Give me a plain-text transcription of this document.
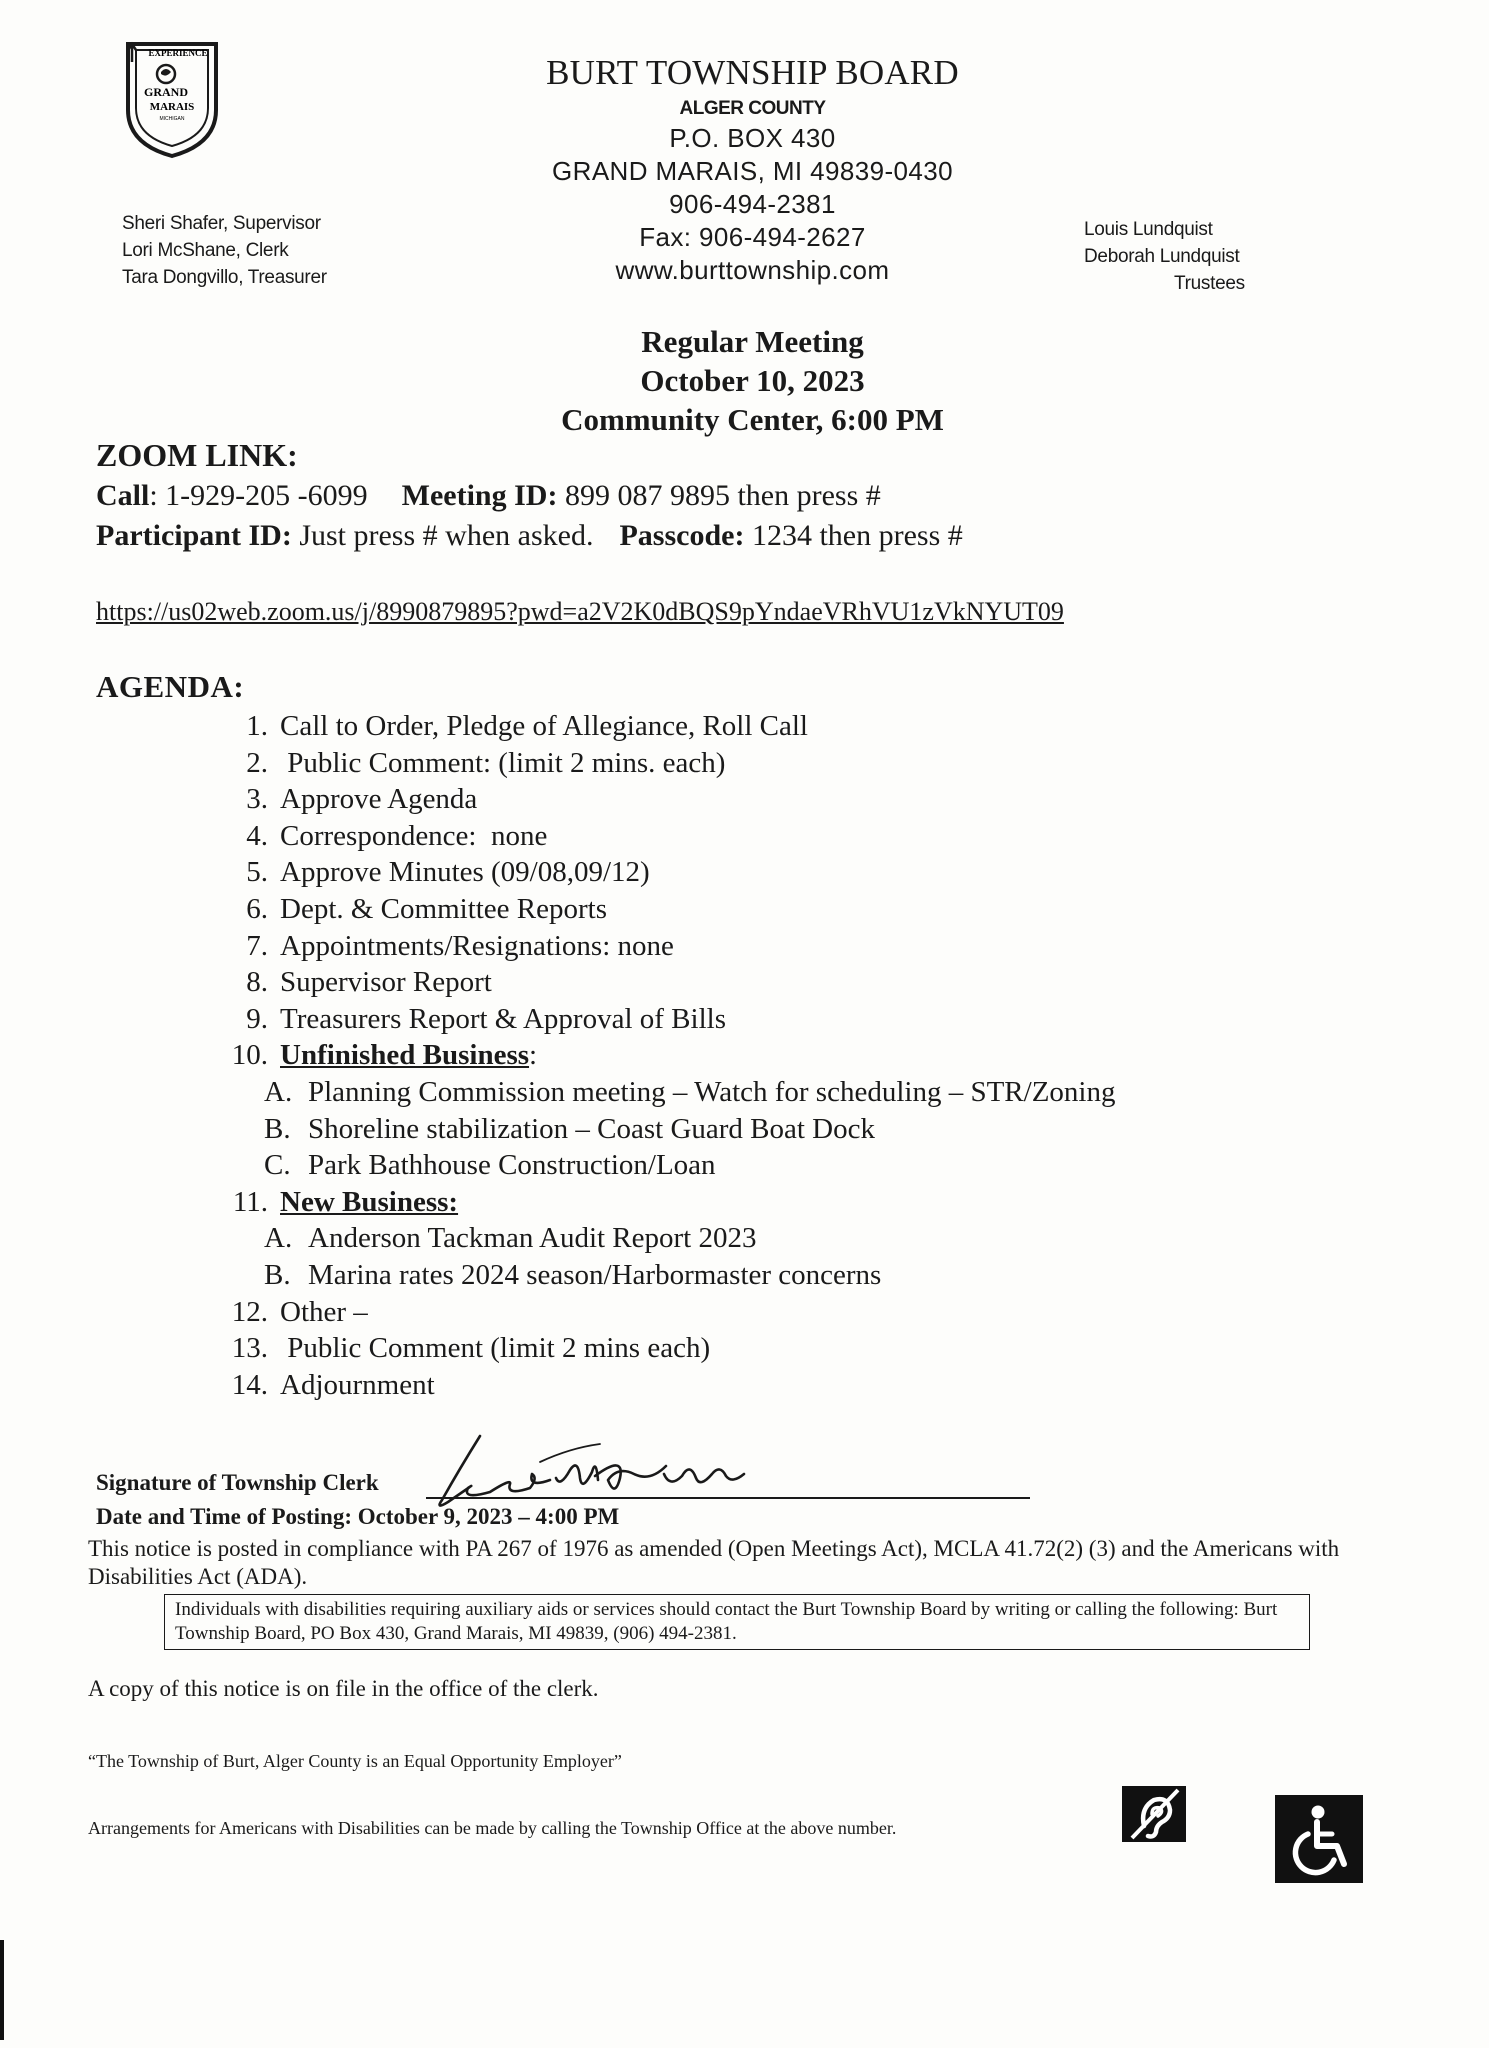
EXPERIENCE
GRAND
MARAIS
MICHIGAN
BURT TOWNSHIP BOARD
ALGER COUNTY
P.O. BOX 430
GRAND MARAIS, MI 49839-0430
906-494-2381
Fax: 906-494-2627
www.burttownship.com
Sheri Shafer, Supervisor
Lori McShane, Clerk
Tara Dongvillo, Treasurer
Louis Lundquist
Deborah Lundquist
Trustees
Regular Meeting
October 10, 2023
Community Center, 6:00 PM
ZOOM LINK:
Call: 1-929-205 -6099 Meeting ID: 899 087 9895 then press #
Participant ID: Just press # when asked. Passcode: 1234 then press #
https://us02web.zoom.us/j/8990879895?pwd=a2V2K0dBQS9pYndaeVRhVU1zVkNYUT09
AGENDA:
1. Call to Order, Pledge of Allegiance, Roll Call
2. Public Comment: (limit 2 mins. each)
3. Approve Agenda
4. Correspondence:  none
5. Approve Minutes (09/08,09/12)
6. Dept. & Committee Reports
7. Appointments/Resignations: none
8. Supervisor Report
9. Treasurers Report & Approval of Bills
10. Unfinished Business:
A. Planning Commission meeting – Watch for scheduling – STR/Zoning
B. Shoreline stabilization – Coast Guard Boat Dock
C. Park Bathhouse Construction/Loan
11. New Business:
A. Anderson Tackman Audit Report 2023
B. Marina rates 2024 season/Harbormaster concerns
12. Other –
13. Public Comment (limit 2 mins each)
14. Adjournment
Signature of Township Clerk
Date and Time of Posting: October 9, 2023 – 4:00 PM
This notice is posted in compliance with PA 267 of 1976 as amended (Open Meetings Act), MCLA 41.72(2) (3) and the Americans with Disabilities Act (ADA).
Individuals with disabilities requiring auxiliary aids or services should contact the Burt Township Board by writing or calling the following: Burt Township Board, PO Box 430, Grand Marais, MI 49839, (906) 494-2381.
A copy of this notice is on file in the office of the clerk.
“The Township of Burt, Alger County is an Equal Opportunity Employer”
Arrangements for Americans with Disabilities can be made by calling the Township Office at the above number.
